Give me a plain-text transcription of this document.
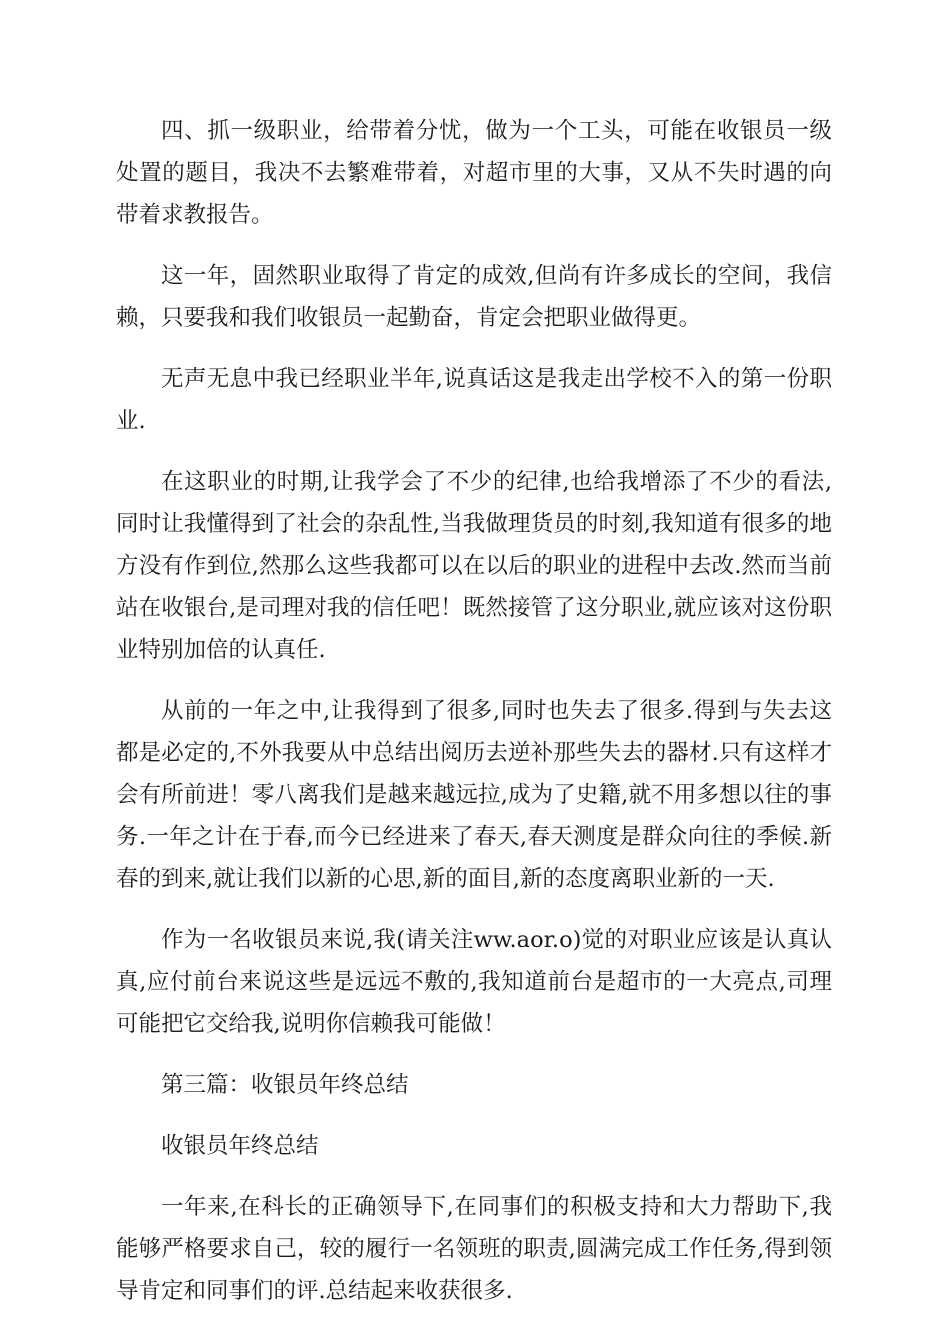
四、抓一级职业，给带着分忧，做为一个工头，可能在收银员一级处置的题目，我决不去繁难带着，对超市里的大事，又从不失时遇的向带着求教报告。

这一年，固然职业取得了肯定的成效,但尚有许多成长的空间，我信赖，只要我和我们收银员一起勤奋，肯定会把职业做得更。

无声无息中我已经职业半年,说真话这是我走出学校不入的第一份职业.

在这职业的时期,让我学会了不少的纪律,也给我增添了不少的看法,同时让我懂得到了社会的杂乱性,当我做理货员的时刻,我知道有很多的地方没有作到位,然那么这些我都可以在以后的职业的进程中去改.然而当前站在收银台,是司理对我的信任吧！既然接管了这分职业,就应该对这份职业特别加倍的认真任.

从前的一年之中,让我得到了很多,同时也失去了很多.得到与失去这都是必定的,不外我要从中总结出阅历去逆补那些失去的器材.只有这样才会有所前进！零八离我们是越来越远拉,成为了史籍,就不用多想以往的事务.一年之计在于春,而今已经进来了春天,春天测度是群众向往的季候.新春的到来,就让我们以新的心思,新的面目,新的态度离职业新的一天.

作为一名收银员来说,我(请关注ww.aor.o)觉的对职业应该是认真认真,应付前台来说这些是远远不敷的,我知道前台是超市的一大亮点,司理可能把它交给我,说明你信赖我可能做！

第三篇：收银员年终总结

收银员年终总结

一年来,在科长的正确领导下,在同事们的积极支持和大力帮助下,我能够严格要求自己，较的履行一名领班的职责,圆满完成工作任务,得到领导肯定和同事们的评.总结起来收获很多.
